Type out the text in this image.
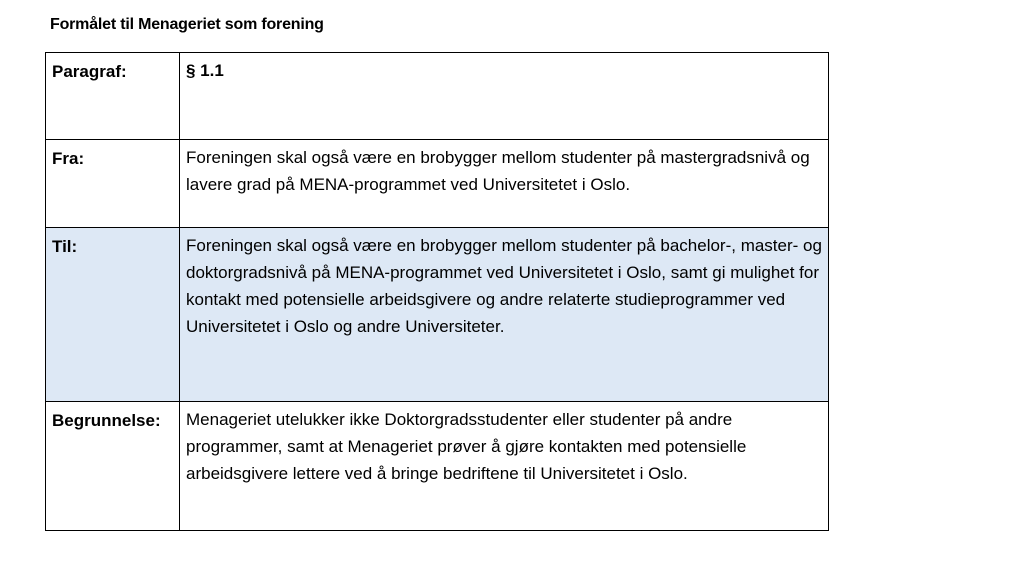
Formålet til Menageriet som forening
Paragraf:	§ 1.1
Fra:	Foreningen skal også være en brobygger mellom studenter på mastergradsnivå og lavere grad på MENA-programmet ved Universitetet i Oslo.
Til:	Foreningen skal også være en brobygger mellom studenter på bachelor-, master- og doktorgradsnivå på MENA-programmet ved Universitetet i Oslo, samt gi mulighet for kontakt med potensielle arbeidsgivere og andre relaterte studieprogrammer ved Universitetet i Oslo og andre Universiteter.
Begrunnelse:	Menageriet utelukker ikke Doktorgradsstudenter eller studenter på andre programmer, samt at Menageriet prøver å gjøre kontakten med potensielle arbeidsgivere lettere ved å bringe bedriftene til Universitetet i Oslo.
